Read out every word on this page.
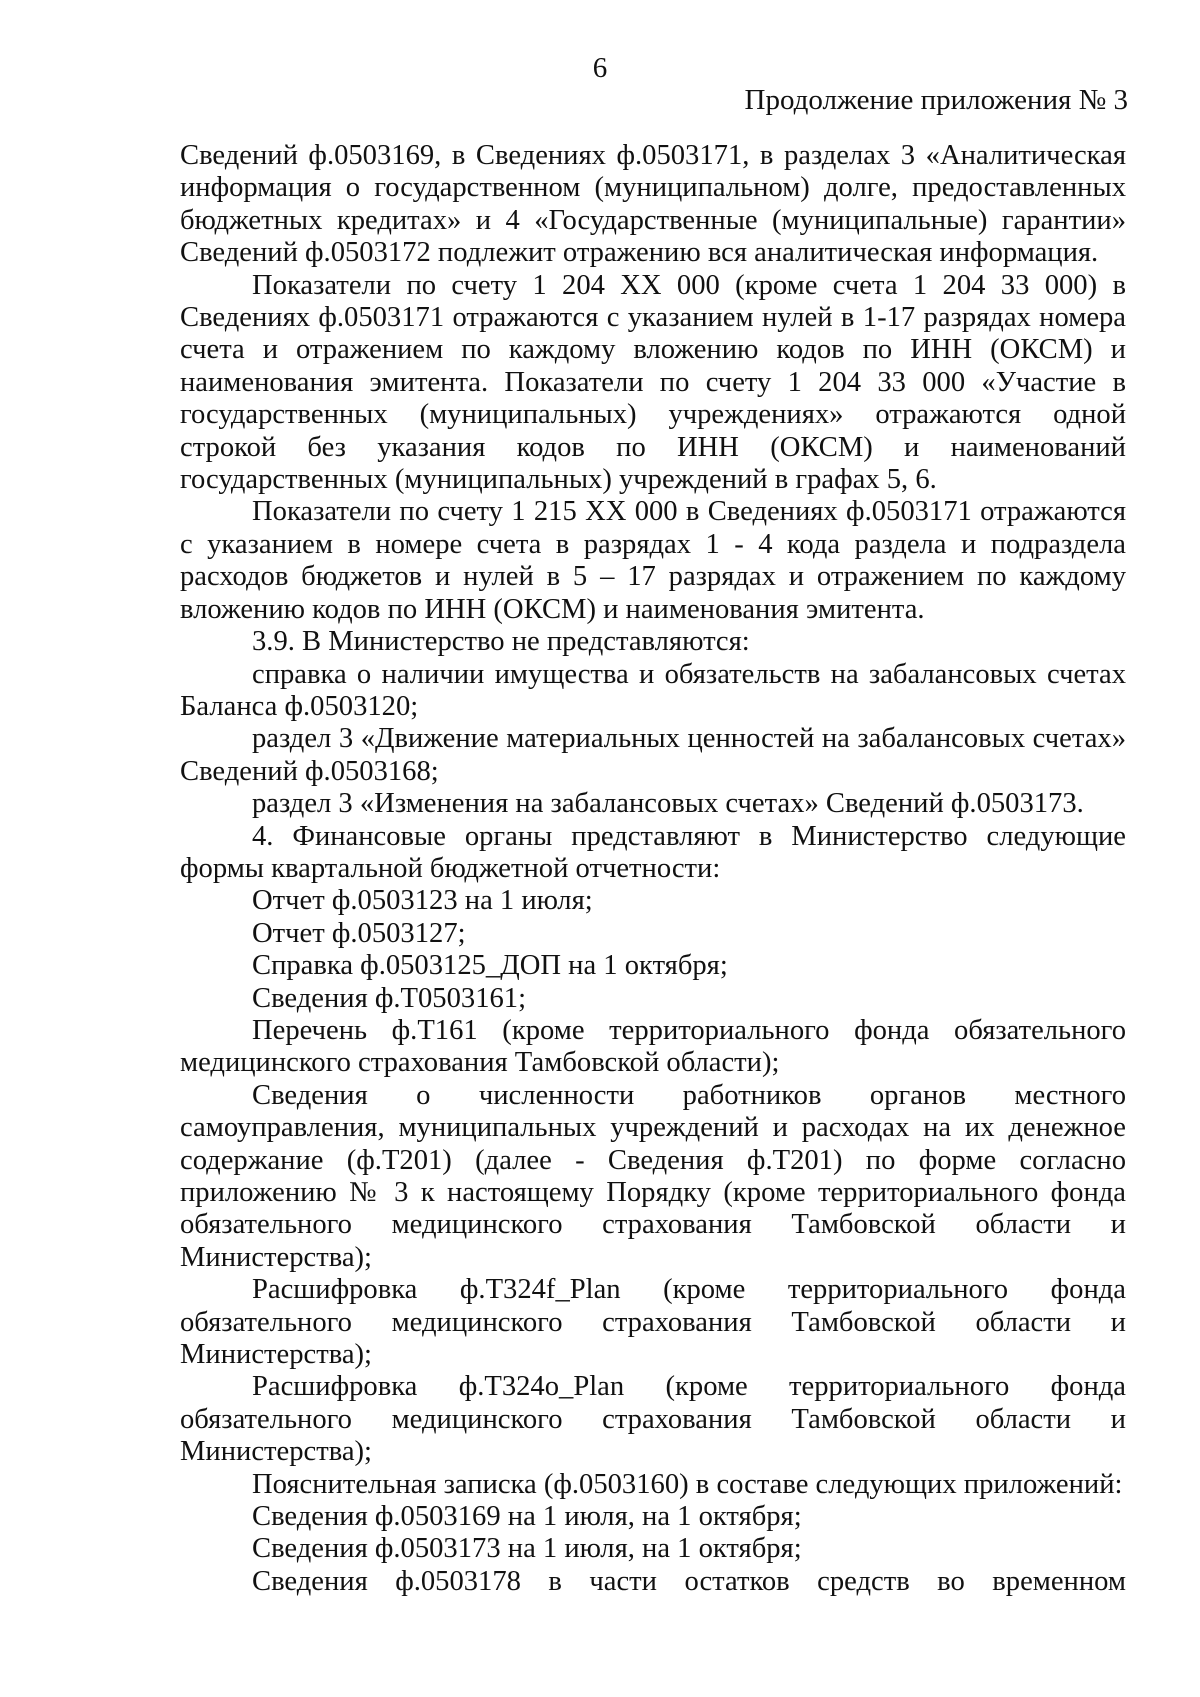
6
Продолжение приложения № 3

Сведений ф.0503169, в Сведениях ф.0503171, в разделах 3 «Аналитическая информация о государственном (муниципальном) долге, предоставленных бюджетных кредитах» и 4 «Государственные (муниципальные) гарантии» Сведений ф.0503172 подлежит отражению вся аналитическая информация.

Показатели по счету 1 204 XX 000 (кроме счета 1 204 33 000) в Сведениях ф.0503171 отражаются с указанием нулей в 1-17 разрядах номера счета и отражением по каждому вложению кодов по ИНН (ОКСМ) и наименования эмитента. Показатели по счету 1 204 33 000 «Участие в государственных (муниципальных) учреждениях» отражаются одной строкой без указания кодов по ИНН (ОКСМ) и наименований государственных (муниципальных) учреждений в графах 5, 6.

Показатели по счету 1 215 XX 000 в Сведениях ф.0503171 отражаются с указанием в номере счета в разрядах 1 - 4 кода раздела и подраздела расходов бюджетов и нулей в 5 – 17 разрядах и отражением по каждому вложению кодов по ИНН (ОКСМ) и наименования эмитента.

3.9. В Министерство не представляются:

справка о наличии имущества и обязательств на забалансовых счетах Баланса ф.0503120;

раздел 3 «Движение материальных ценностей на забалансовых счетах» Сведений ф.0503168;

раздел 3 «Изменения на забалансовых счетах» Сведений ф.0503173.

4. Финансовые органы представляют в Министерство следующие формы квартальной бюджетной отчетности:

Отчет ф.0503123 на 1 июля;

Отчет ф.0503127;

Справка ф.0503125_ДОП на 1 октября;

Сведения ф.Т0503161;

Перечень ф.Т161 (кроме территориального фонда обязательного медицинского страхования Тамбовской области);

Сведения о численности работников органов местного самоуправления, муниципальных учреждений и расходах на их денежное содержание (ф.Т201) (далее - Сведения ф.Т201) по форме согласно приложению № 3 к настоящему Порядку (кроме территориального фонда обязательного медицинского страхования Тамбовской области и Министерства);

Расшифровка ф.Т324f_Plan (кроме территориального фонда обязательного медицинского страхования Тамбовской области и Министерства);

Расшифровка ф.Т324o_Plan (кроме территориального фонда обязательного медицинского страхования Тамбовской области и Министерства);

Пояснительная записка (ф.0503160) в составе следующих приложений:

Сведения ф.0503169 на 1 июля, на 1 октября;

Сведения ф.0503173 на 1 июля, на 1 октября;

Сведения ф.0503178 в части остатков средств во временном
